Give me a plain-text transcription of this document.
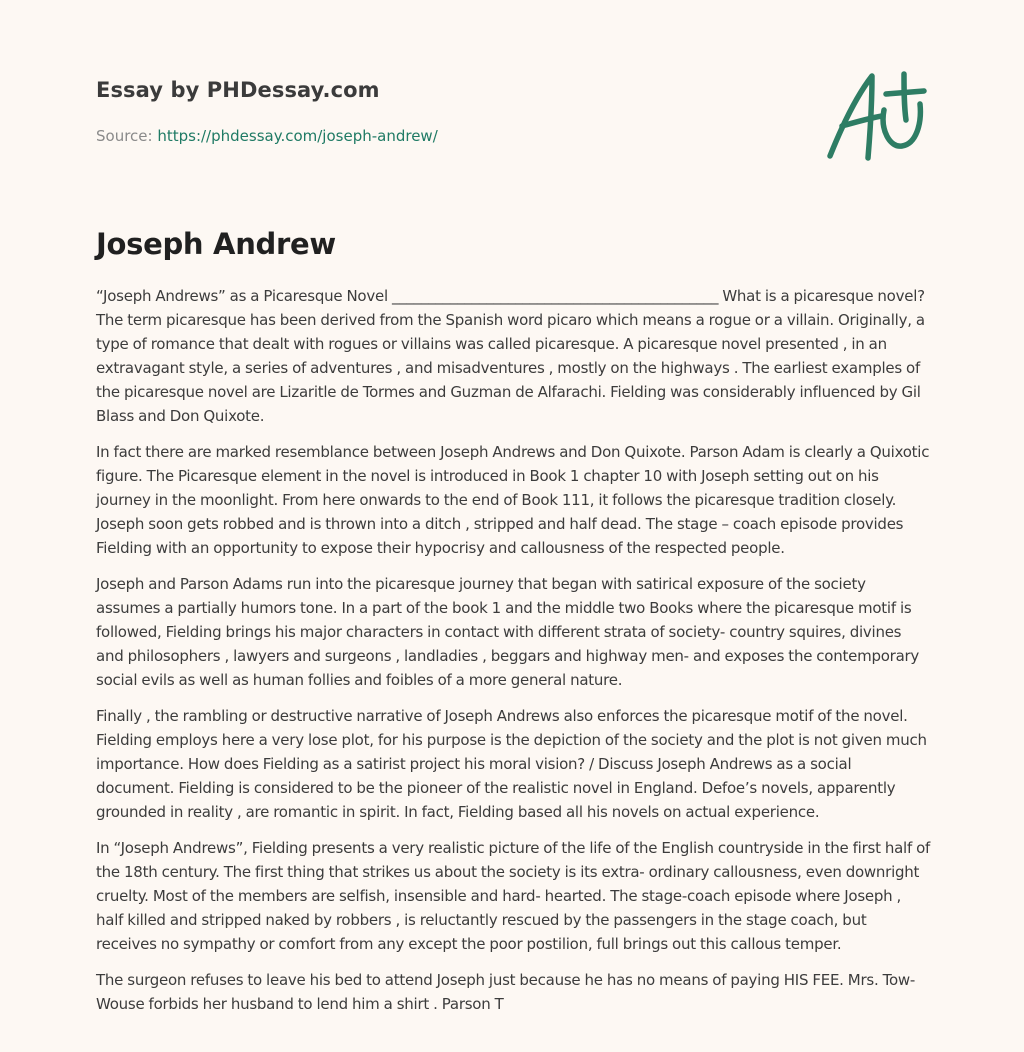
Essay by PHDessay.com
Source: https://phdessay.com/joseph-andrew/
Joseph Andrew

“Joseph Andrews” as a Picaresque Novel _____________________________________________ What is a picaresque novel? The term picaresque has been derived from the Spanish word picaro which means a rogue or a villain. Originally, a type of romance that dealt with rogues or villains was called picaresque. A picaresque novel presented , in an extravagant style, a series of adventures , and misadventures , mostly on the highways . The earliest examples of the picaresque novel are Lizaritle de Tormes and Guzman de Alfarachi. Fielding was considerably influenced by Gil Blass and Don Quixote.

In fact there are marked resemblance between Joseph Andrews and Don Quixote. Parson Adam is clearly a Quixotic figure. The Picaresque element in the novel is introduced in Book 1 chapter 10 with Joseph setting out on his journey in the moonlight. From here onwards to the end of Book 111, it follows the picaresque tradition closely. Joseph soon gets robbed and is thrown into a ditch , stripped and half dead. The stage – coach episode provides Fielding with an opportunity to expose their hypocrisy and callousness of the respected people.

Joseph and Parson Adams run into the picaresque journey that began with satirical exposure of the society assumes a partially humors tone. In a part of the book 1 and the middle two Books where the picaresque motif is followed, Fielding brings his major characters in contact with different strata of society- country squires, divines and philosophers , lawyers and surgeons , landladies , beggars and highway men- and exposes the contemporary social evils as well as human follies and foibles of a more general nature.

Finally , the rambling or destructive narrative of Joseph Andrews also enforces the picaresque motif of the novel. Fielding employs here a very lose plot, for his purpose is the depiction of the society and the plot is not given much importance. How does Fielding as a satirist project his moral vision? / Discuss Joseph Andrews as a social document. Fielding is considered to be the pioneer of the realistic novel in England. Defoe’s novels, apparently grounded in reality , are romantic in spirit. In fact, Fielding based all his novels on actual experience.

In “Joseph Andrews”, Fielding presents a very realistic picture of the life of the English countryside in the first half of the 18th century. The first thing that strikes us about the society is its extra- ordinary callousness, even downright cruelty. Most of the members are selfish, insensible and hard- hearted. The stage-coach episode where Joseph , half killed and stripped naked by robbers , is reluctantly rescued by the passengers in the stage coach, but receives no sympathy or comfort from any except the poor postilion, full brings out this callous temper.

The surgeon refuses to leave his bed to attend Joseph just because he has no means of paying HIS FEE. Mrs. Tow-Wouse forbids her husband to lend him a shirt . Parson T
